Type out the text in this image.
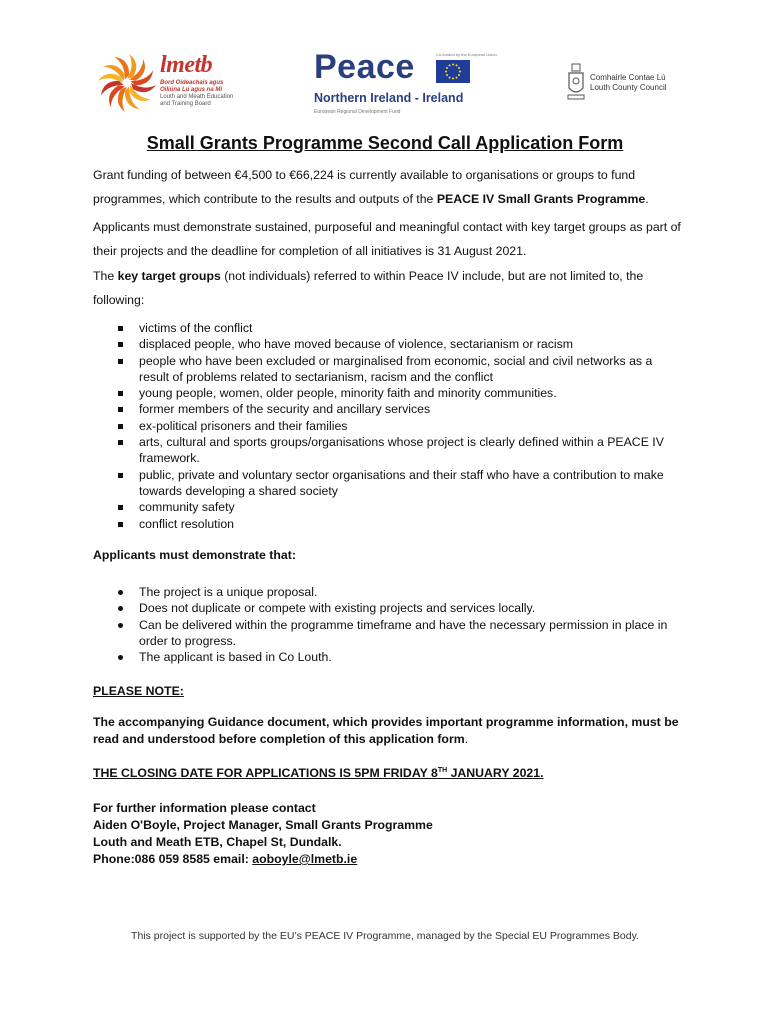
lmetb
Bord Oideachais agus
Oiliúna Lú agus na Mí
Louth and Meath Education
and Training Board
Peace	Co-funded by the European Union
Northern Ireland - Ireland
European Regional Development Fund
Comhairle Contae Lú
Louth County Council
Small Grants Programme Second Call Application Form

Grant funding of between €4,500 to €66,224 is currently available to organisations or groups to fund programmes, which contribute to the results and outputs of the PEACE IV Small Grants Programme.

Applicants must demonstrate sustained, purposeful and meaningful contact with key target groups as part of their projects and the deadline for completion of all initiatives is 31 August 2021.

The key target groups (not individuals) referred to within Peace IV include, but are not limited to, the following:

victims of the conflict
displaced people, who have moved because of violence, sectarianism or racism
people who have been excluded or marginalised from economic, social and civil networks as a result of problems related to sectarianism, racism and the conflict
young people, women, older people, minority faith and minority communities.
former members of the security and ancillary services
ex-political prisoners and their families
arts, cultural and sports groups/organisations whose project is clearly defined within a PEACE IV framework.
public, private and voluntary sector organisations and their staff who have a contribution to make towards developing a shared society
community safety
conflict resolution

Applicants must demonstrate that:

The project is a unique proposal.
Does not duplicate or compete with existing projects and services locally.
Can be delivered within the programme timeframe and have the necessary permission in place in order to progress.
The applicant is based in Co Louth.

PLEASE NOTE:

The accompanying Guidance document, which provides important programme information, must be read and understood before completion of this application form.

THE CLOSING DATE FOR APPLICATIONS IS 5PM FRIDAY 8TH JANUARY 2021.

For further information please contact
Aiden O'Boyle, Project Manager, Small Grants Programme
Louth and Meath ETB, Chapel St, Dundalk.
Phone:086 059 8585 email: aoboyle@lmetb.ie

This project is supported by the EU’s PEACE IV Programme, managed by the Special EU Programmes Body.
